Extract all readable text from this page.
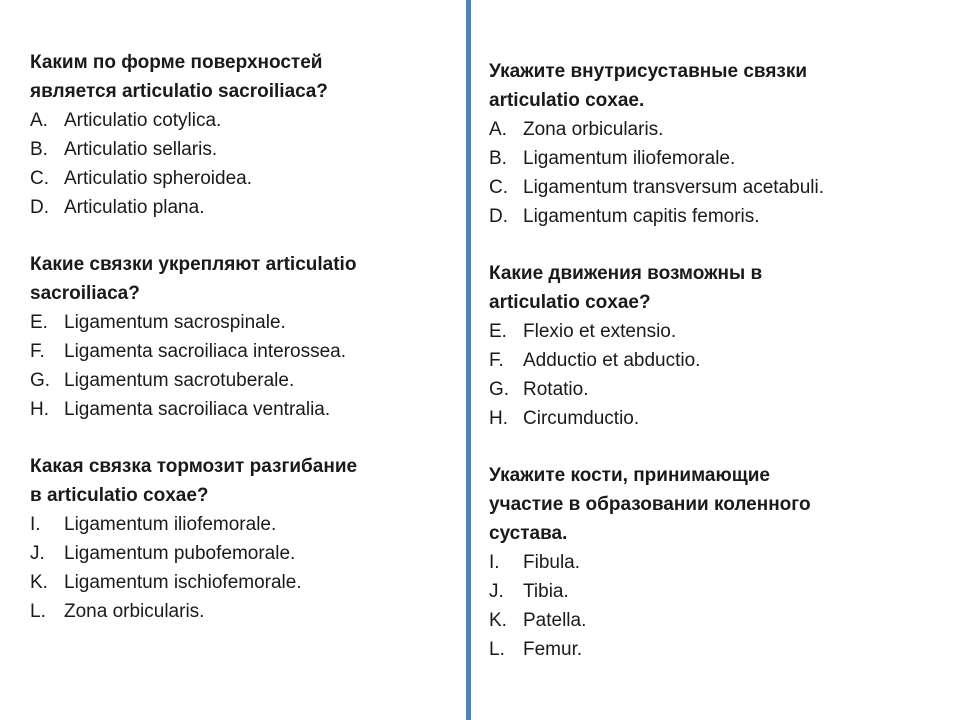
Каким по форме поверхностей
является articulatio sacroiliaca?
A. Articulatio cotylica.
B. Articulatio sellaris.
C. Articulatio spheroidea.
D. Articulatio plana.
Какие связки укрепляют articulatio
sacroiliaca?
E. Ligamentum sacrospinale.
F.	Ligamenta sacroiliaca interossea.
G. Ligamentum sacrotuberale.
H. Ligamenta sacroiliaca ventralia.
Какая связка тормозит разгибание
в articulatio coxae?
I.	Ligamentum iliofemorale.
J.	Ligamentum pubofemorale.
K. Ligamentum ischiofemorale.
L. Zona orbicularis.
Укажите внутрисуставные связки
articulatio coxae.
A. Zona orbicularis.
B. Ligamentum iliofemorale.
C. Ligamentum transversum acetabuli.
D. Ligamentum capitis femoris.
Какие движения возможны в
articulatio coxae?
E. Flexio et extensio.
F.	Adductio et abductio.
G. Rotatio.
H. Circumductio.
Укажите кости, принимающие
участие в образовании коленного
сустава.
I.	Fibula.
J.	Tibia.
K. Patella.
L. Femur.
